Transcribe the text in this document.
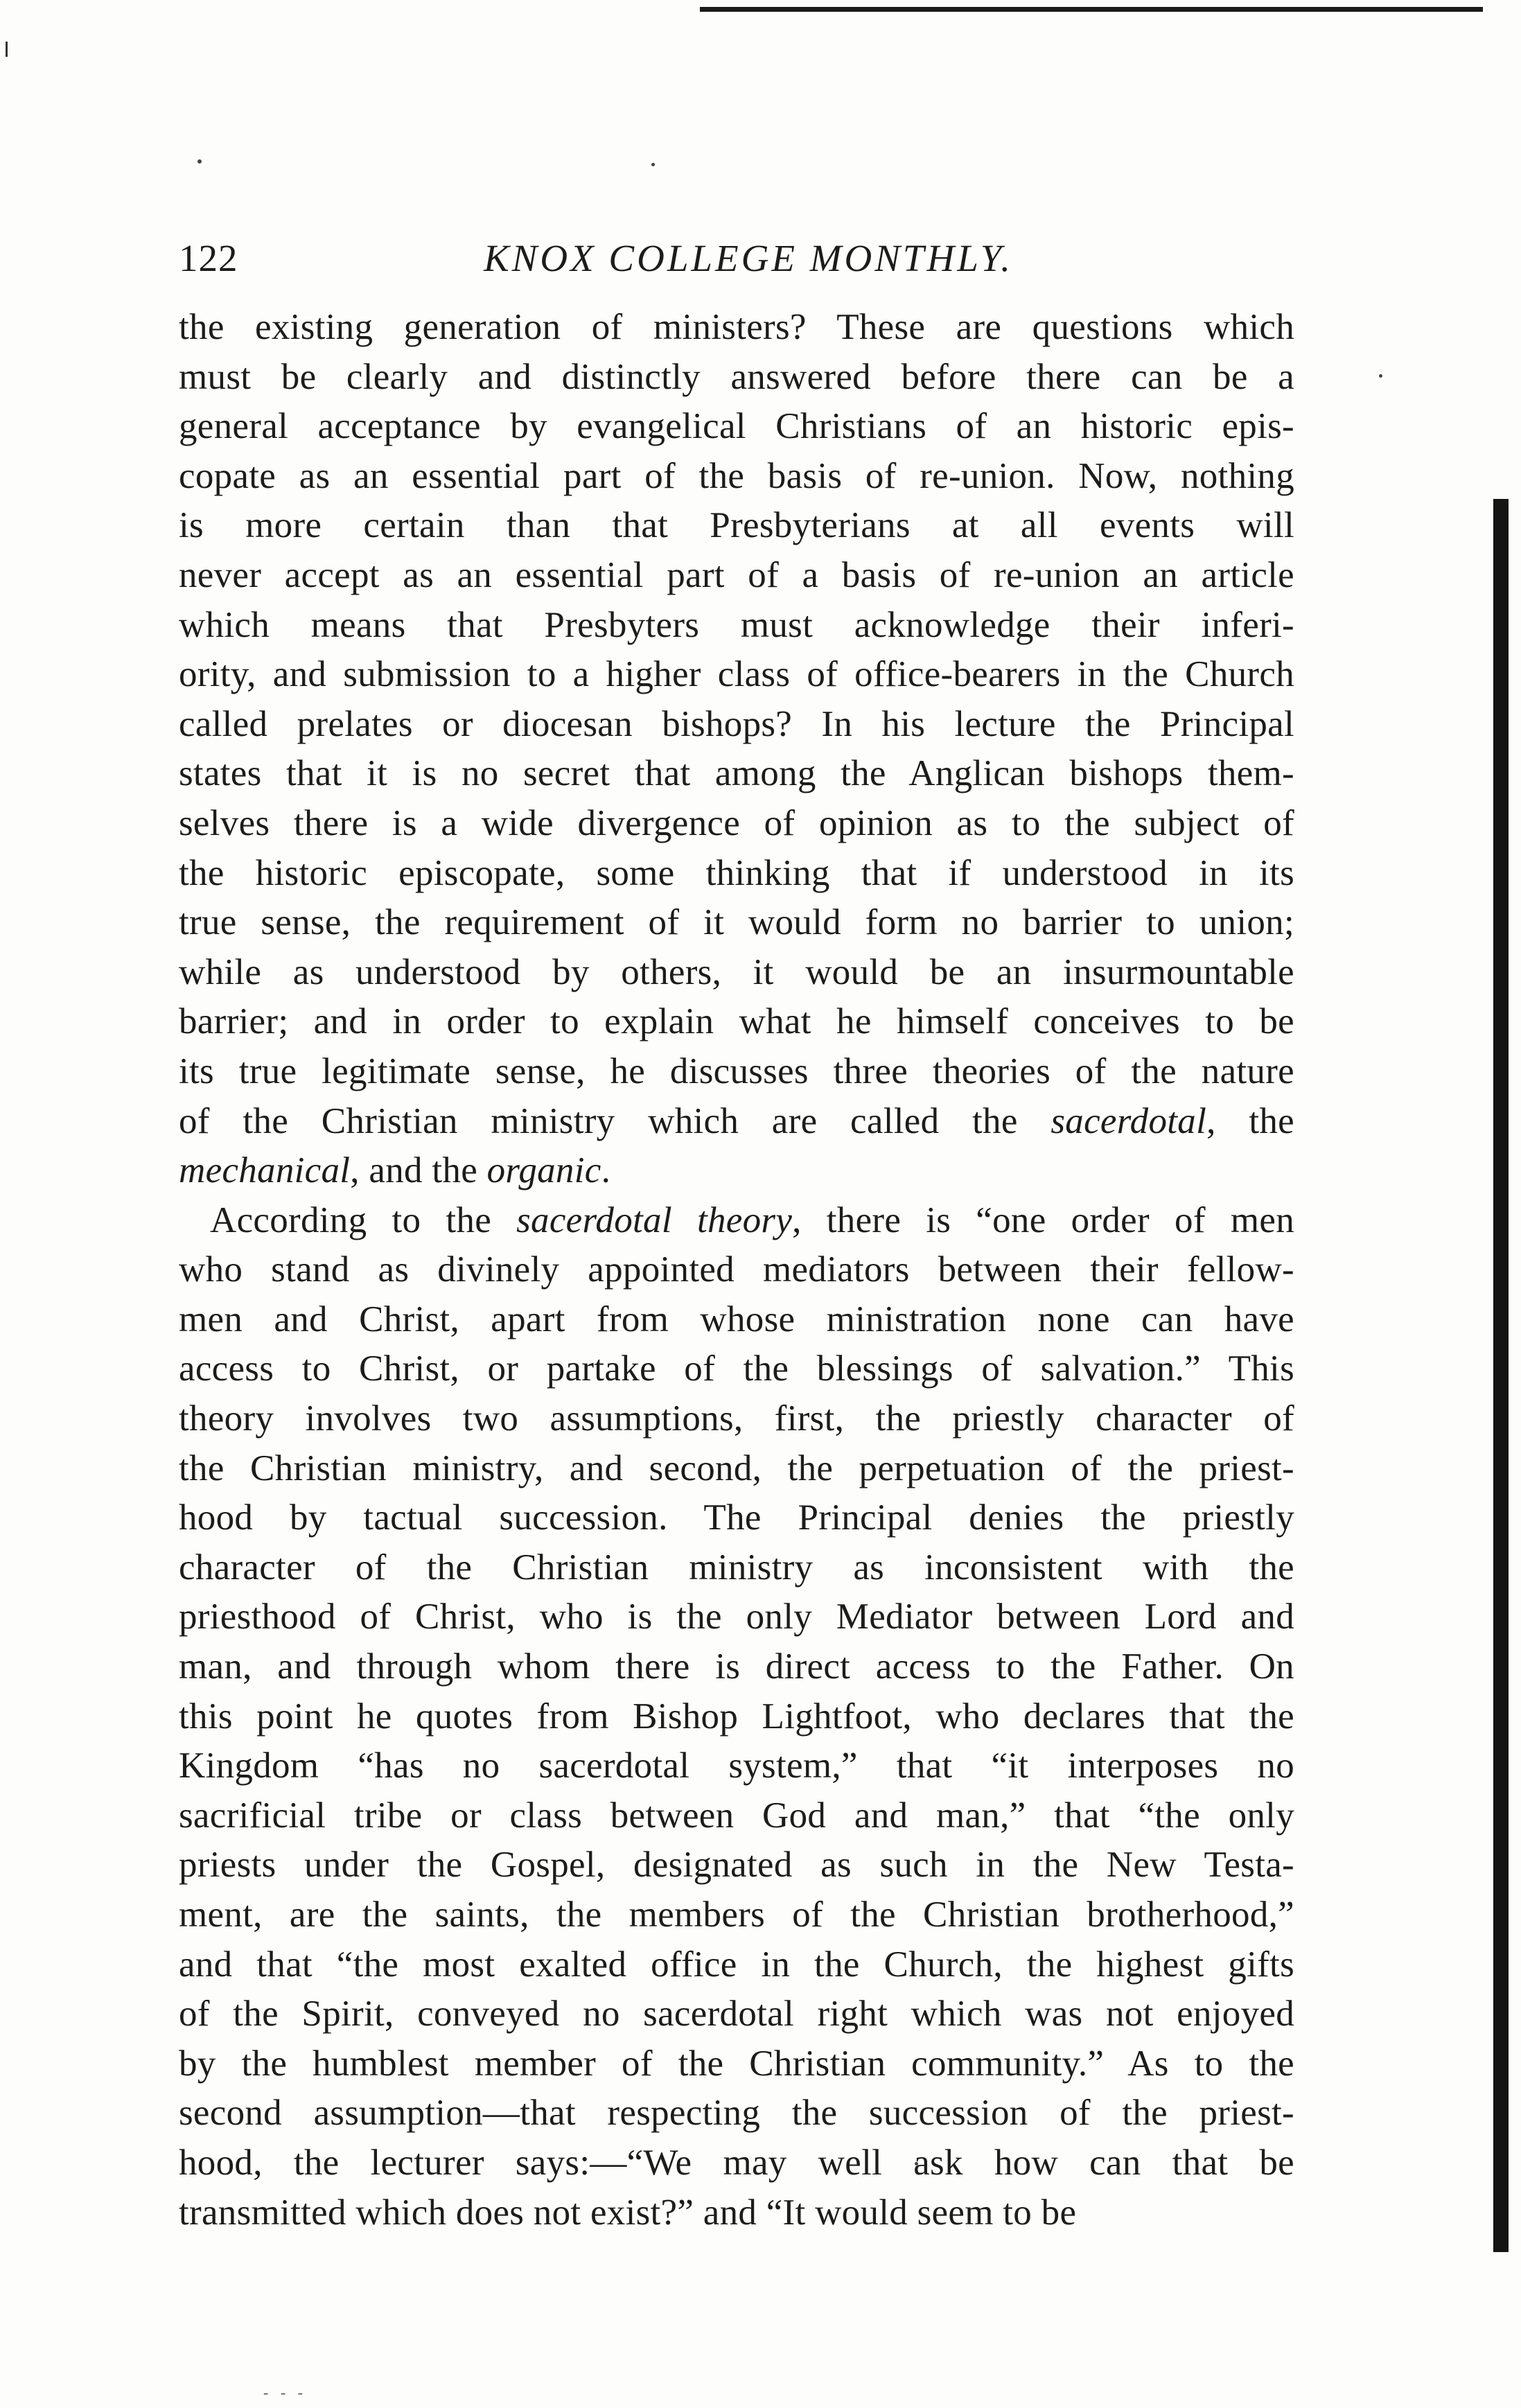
122	KNOX COLLEGE MONTHLY.
the existing generation of ministers? These are questions which
must be clearly and distinctly answered before there can be a
general acceptance by evangelical Christians of an historic epis-
copate as an essential part of the basis of re-union. Now, nothing
is more certain than that Presbyterians at all events will
never accept as an essential part of a basis of re-union an article
which means that Presbyters must acknowledge their inferi-
ority, and submission to a higher class of office-bearers in the Church
called prelates or diocesan bishops? In his lecture the Principal
states that it is no secret that among the Anglican bishops them-
selves there is a wide divergence of opinion as to the subject of
the historic episcopate, some thinking that if understood in its
true sense, the requirement of it would form no barrier to union;
while as understood by others, it would be an insurmountable
barrier; and in order to explain what he himself conceives to be
its true legitimate sense, he discusses three theories of the nature
of the Christian ministry which are called the sacerdotal, the
mechanical, and the organic.
According to the sacerdotal theory, there is “one order of men
who stand as divinely appointed mediators between their fellow-
men and Christ, apart from whose ministration none can have
access to Christ, or partake of the blessings of salvation.” This
theory involves two assumptions, first, the priestly character of
the Christian ministry, and second, the perpetuation of the priest-
hood by tactual succession. The Principal denies the priestly
character of the Christian ministry as inconsistent with the
priesthood of Christ, who is the only Mediator between Lord and
man, and through whom there is direct access to the Father. On
this point he quotes from Bishop Lightfoot, who declares that the
Kingdom “has no sacerdotal system,” that “it interposes no
sacrificial tribe or class between God and man,” that “the only
priests under the Gospel, designated as such in the New Testa-
ment, are the saints, the members of the Christian brotherhood,”
and that “the most exalted office in the Church, the highest gifts
of the Spirit, conveyed no sacerdotal right which was not enjoyed
by the humblest member of the Christian community.” As to the
second assumption—that respecting the succession of the priest-
hood, the lecturer says:—“We may well ask how can that be
transmitted which does not exist?” and “It would seem to be
- - -
